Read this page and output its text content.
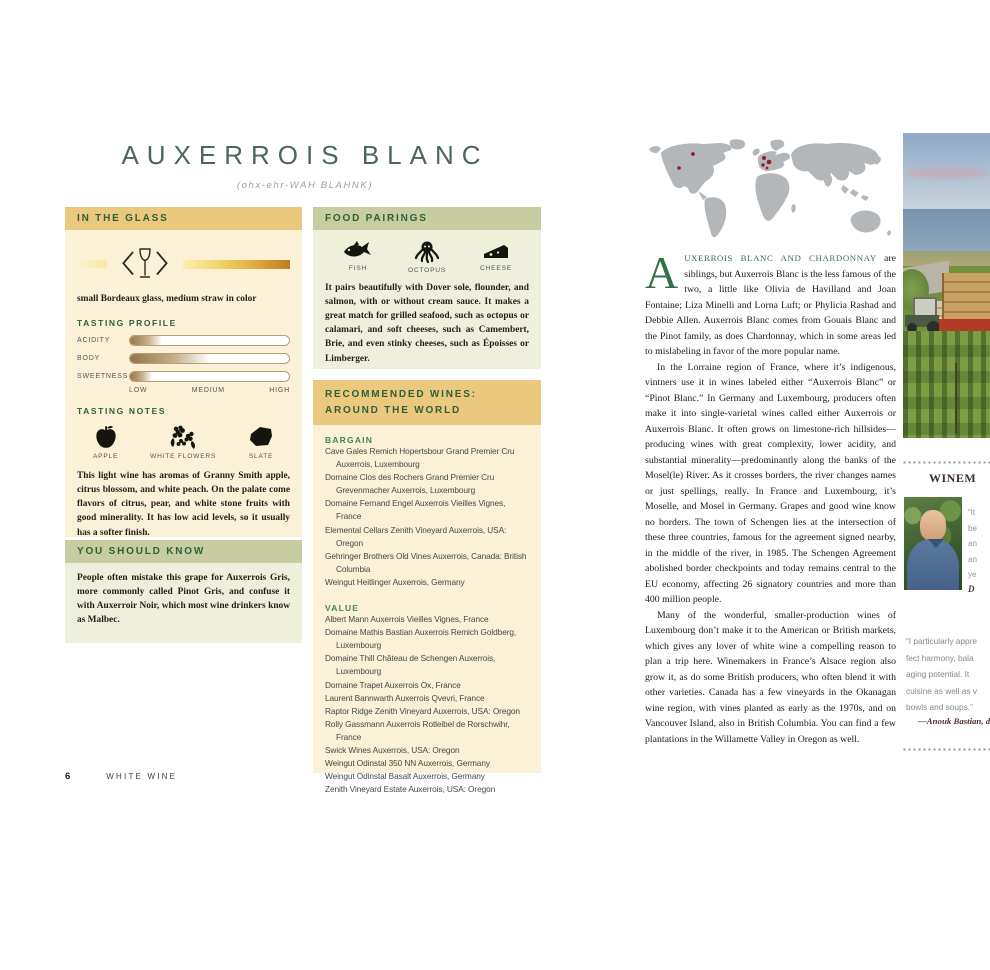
AUXERROIS BLANC
(ohx-ehr-WAH BLAHNK)
IN THE GLASS
〈 〉
small Bordeaux glass, medium straw in color
TASTING PROFILE
ACIDITY
BODY
SWEETNESS
LOW	MEDIUM	HIGH
TASTING NOTES
APPLE	WHITE FLOWERS	SLATE
This light wine has aromas of Granny Smith apple, citrus blossom, and white peach. On the palate come flavors of citrus, pear, and white stone fruits with good minerality. It has low acid levels, so it usually has a softer finish.
YOU SHOULD KNOW
People often mistake this grape for Auxerrois Gris, more commonly called Pinot Gris, and confuse it with Auxerroir Noir, which most wine drinkers know as Malbec.
FOOD PAIRINGS
FISH	OCTOPUS	CHEESE
It pairs beautifully with Dover sole, flounder, and salmon, with or without cream sauce. It makes a great match for grilled seafood, such as octopus or calamari, and soft cheeses, such as Camembert, Brie, and even stinky cheeses, such as Époisses or Limberger.
RECOMMENDED WINES:
AROUND THE WORLD
BARGAIN
Cave Gales Remich Hopertsbour Grand Premier Cru Auxerrois, Luxembourg
Domaine Clos des Rochers Grand Premier Cru Grevenmacher Auxerrois, Luxembourg
Domaine Fernand Engel Auxerrois Vieilles Vignes, France
Elemental Cellars Zenith Vineyard Auxerrois, USA: Oregon
Gehringer Brothers Old Vines Auxerrois, Canada: British Columbia
Weingut Heitlinger Auxerrois, Germany
VALUE
Albert Mann Auxerrois Vieilles Vignes, France
Domaine Mathis Bastian Auxerrois Remich Goldberg, Luxembourg
Domaine Thill Château de Schengen Auxerrois, Luxembourg
Domaine Trapet Auxerrois Ox, France
Laurent Bannwarth Auxerrois Qvevri, France
Raptor Ridge Zenith Vineyard Auxerrois, USA: Oregon
Rolly Gassmann Auxerrois Rotleibel de Rorschwihr, France
Swick Wines Auxerrois, USA: Oregon
Weingut Odinstal 350 NN Auxerrois, Germany
Weingut Odinstal Basalt Auxerrois, Germany
Zenith Vineyard Estate Auxerrois, USA: Oregon
6	WHITE WINE

AUXERROIS BLANC AND CHARDONNAY are siblings, but Auxerrois Blanc is the less famous of the two, a little like Olivia de Havilland and Joan Fontaine; Liza Minelli and Lorna Luft; or Phylicia Rashad and Debbie Allen. Auxerrois Blanc comes from Gouais Blanc and the Pinot family, as does Chardonnay, which in some areas led to mislabeling in favor of the more popular name.

In the Lorraine region of France, where it’s indigenous, vintners use it in wines labeled either “Auxerrois Blanc” or “Pinot Blanc.” In Germany and Luxembourg, producers often make it into single-varietal wines called either Auxerrois or Auxerrois Blanc. It often grows on limestone-rich hillsides—producing wines with great complexity, lower acidity, and substantial minerality—predominantly along the banks of the Mosel(le) River. As it crosses borders, the river changes names or just spellings, really. In France and Luxembourg, it’s Moselle, and Mosel in Germany. Grapes and good wine know no borders. The town of Schengen lies at the intersection of these three countries, famous for the agreement signed nearby, in the middle of the river, in 1985. The Schengen Agreement abolished border checkpoints and today remains central to the EU economy, affecting 26 signatory countries and more than 400 million people.

Many of the wonderful, smaller-production wines of Luxembourg don’t make it to the American or British markets, which gives any lover of white wine a compelling reason to plan a trip here. Winemakers in France’s Alsace region also grow it, as do some British producers, who often blend it with other varieties. Canada has a few vineyards in the Okanagan wine region, with vines planted as early as the 1970s, and on Vancouver Island, also in British Columbia. You can find a few plantations in the Willamette Valley in Oregon as well.

WINEM
“It
be
an
an
ye
D
“I particularly appre
fect harmony, bala
aging potential. It
cuisine as well as v
bowls and soups.”
—Anouk Bastian, d
